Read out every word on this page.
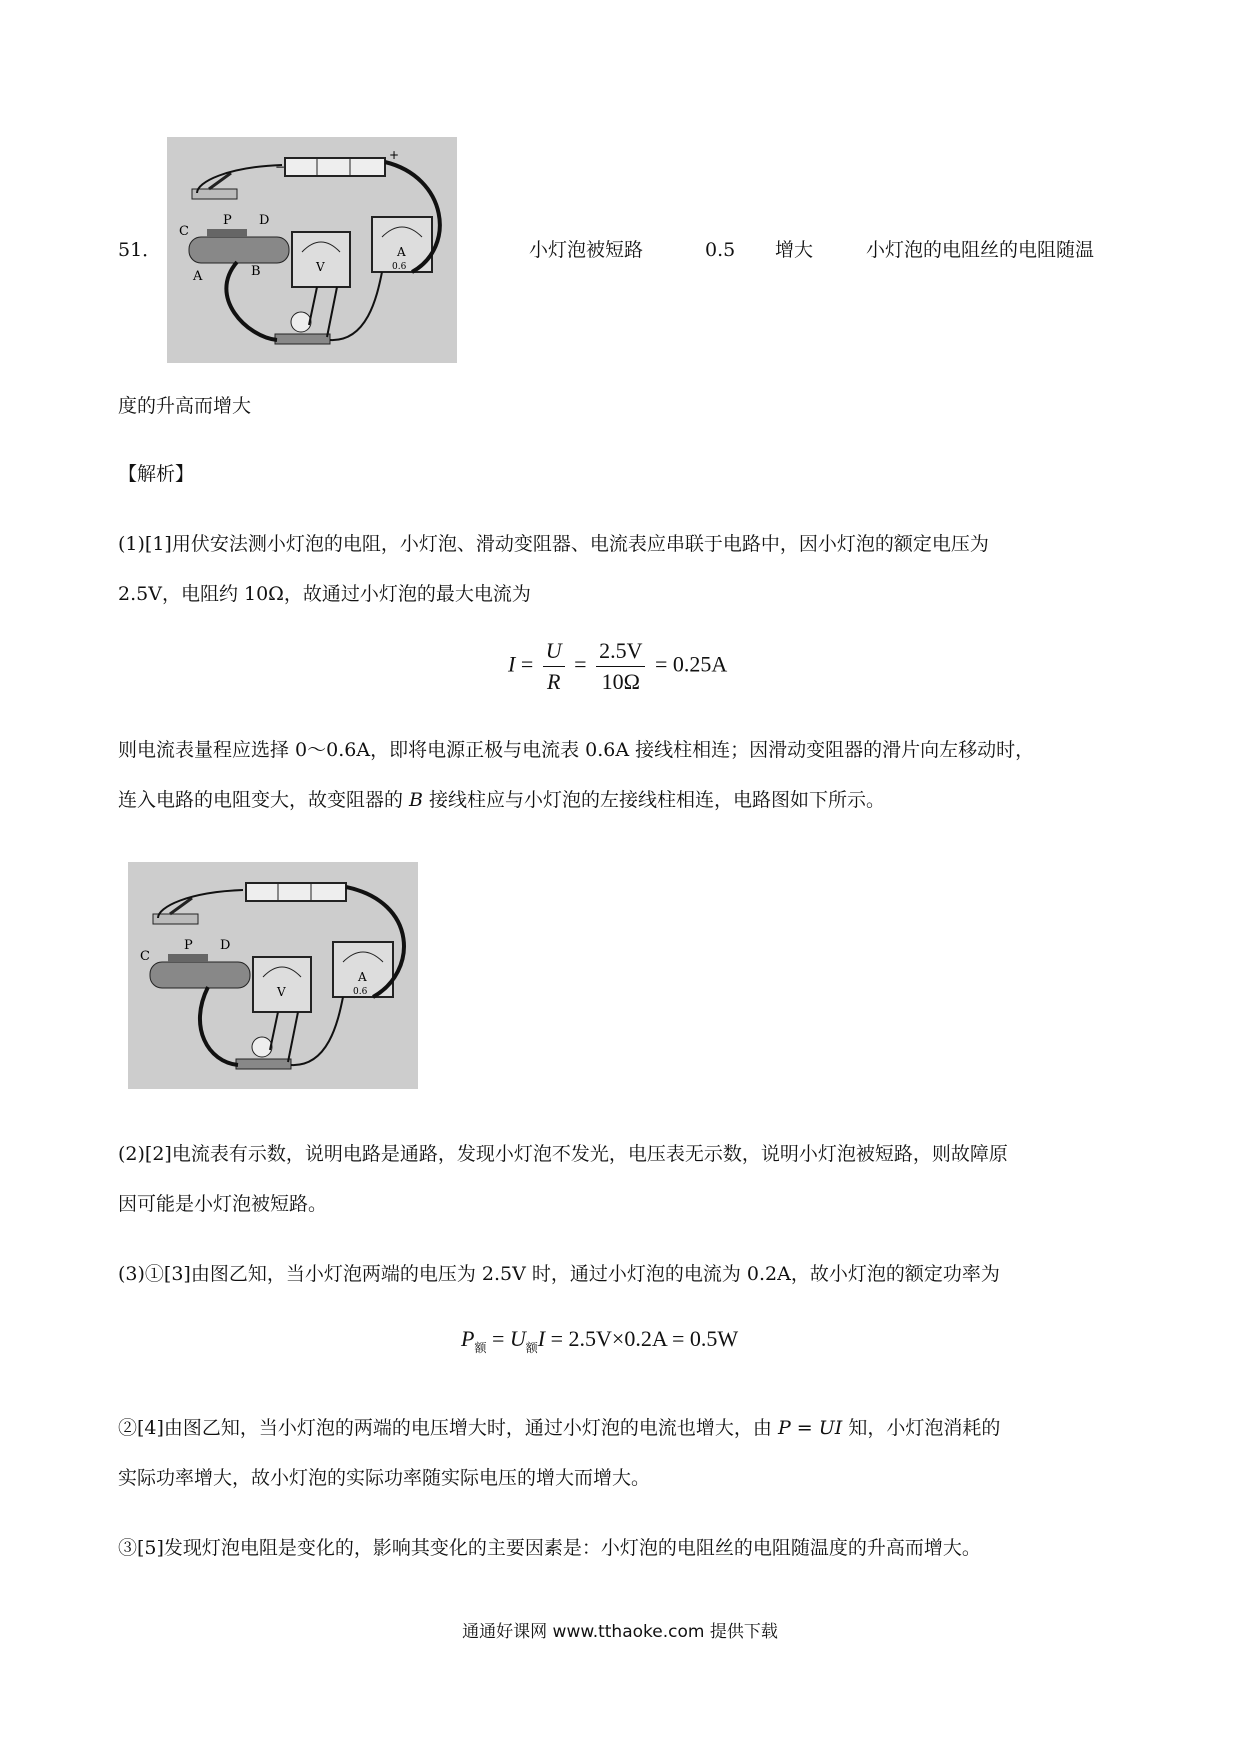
51．
+
−
P
C
D
A	B	V
A
0.6
小灯泡被短路	0.5 增大	小灯泡的电阻丝的电阻随温
度的升高而增大
【解析】
(1)[1]用伏安法测小灯泡的电阻，小灯泡、滑动变阻器、电流表应串联于电路中，因小灯泡的额定电压为
2.5V，电阻约 10Ω，故通过小灯泡的最大电流为
$I = \frac{U}{R} = \frac{2.5V}{10\Omega} = 0.25A$
则电流表量程应选择 0～0.6A，即将电源正极与电流表 0.6A 接线柱相连；因滑动变阻器的滑片向左移动时，
连入电路的电阻变大，故变阻器的 B 接线柱应与小灯泡的左接线柱相连，电路图如下所示。
P
C
D
V
A
0.6
(2)[2]电流表有示数，说明电路是通路，发现小灯泡不发光，电压表无示数，说明小灯泡被短路，则故障原
因可能是小灯泡被短路。
(3)①[3]由图乙知，当小灯泡两端的电压为 2.5V 时，通过小灯泡的电流为 0.2A，故小灯泡的额定功率为
$P_额 = U_额I = 2.5V\times 0.2A = 0.5W$
②[4]由图乙知，当小灯泡的两端的电压增大时，通过小灯泡的电流也增大，由 P = UI 知，小灯泡消耗的
实际功率增大，故小灯泡的实际功率随实际电压的增大而增大。
③[5]发现灯泡电阻是变化的，影响其变化的主要因素是：小灯泡的电阻丝的电阻随温度的升高而增大。
通通好课网 www.tthaoke.com 提供下载
